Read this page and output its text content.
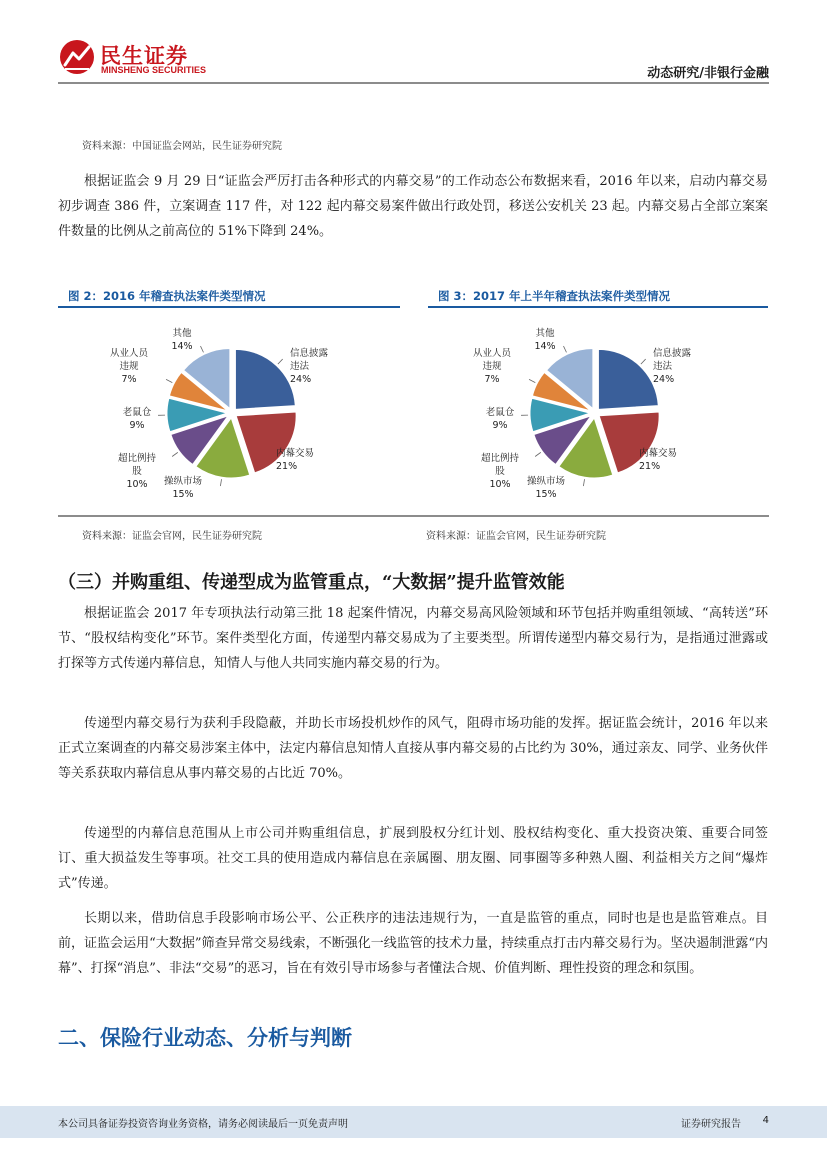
民生证券
MINSHENG SECURITIES	动态研究/非银行金融
资料来源：中国证监会网站，民生证券研究院

根据证监会 9 月 29 日“证监会严厉打击各种形式的内幕交易”的工作动态公布数据来看，2016 年以来，启动内幕交易初步调查 386 件，立案调查 117 件，对 122 起内幕交易案件做出行政处罚，移送公安机关 23 起。内幕交易占全部立案案件数量的比例从之前高位的 51%下降到 24%。

图 2：2016 年稽查执法案件类型情况	图 3：2017 年上半年稽查执法案件类型情况
信息披露违法 24%
内幕交易 21%
操纵市场 15%
超比例持股 10%
老鼠仓 9%
从业人员违规 7%
其他 14%
信息披露违法 24%
内幕交易 21%
操纵市场 15%
超比例持股 10%
老鼠仓 9%
从业人员违规 7%
其他 14%
资料来源：证监会官网，民生证券研究院	资料来源：证监会官网，民生证券研究院
（三）并购重组、传递型成为监管重点，“大数据”提升监管效能

根据证监会 2017 年专项执法行动第三批 18 起案件情况，内幕交易高风险领域和环节包括并购重组领域、“高转送”环节、“股权结构变化”环节。案件类型化方面，传递型内幕交易成为了主要类型。所谓传递型内幕交易行为，是指通过泄露或打探等方式传递内幕信息，知情人与他人共同实施内幕交易的行为。

传递型内幕交易行为获利手段隐蔽，并助长市场投机炒作的风气，阻碍市场功能的发挥。据证监会统计，2016 年以来正式立案调查的内幕交易涉案主体中，法定内幕信息知情人直接从事内幕交易的占比约为 30%，通过亲友、同学、业务伙伴等关系获取内幕信息从事内幕交易的占比近 70%。

传递型的内幕信息范围从上市公司并购重组信息，扩展到股权分红计划、股权结构变化、重大投资决策、重要合同签订、重大损益发生等事项。社交工具的使用造成内幕信息在亲属圈、朋友圈、同事圈等多种熟人圈、利益相关方之间“爆炸式”传递。

长期以来，借助信息手段影响市场公平、公正秩序的违法违规行为，一直是监管的重点，同时也是也是监管难点。目前，证监会运用“大数据”筛查异常交易线索，不断强化一线监管的技术力量，持续重点打击内幕交易行为。坚决遏制泄露“内幕”、打探“消息”、非法“交易”的恶习，旨在有效引导市场参与者懂法合规、价值判断、理性投资的理念和氛围。

二、保险行业动态、分析与判断
本公司具备证券投资咨询业务资格，请务必阅读最后一页免责声明	证券研究报告 4
